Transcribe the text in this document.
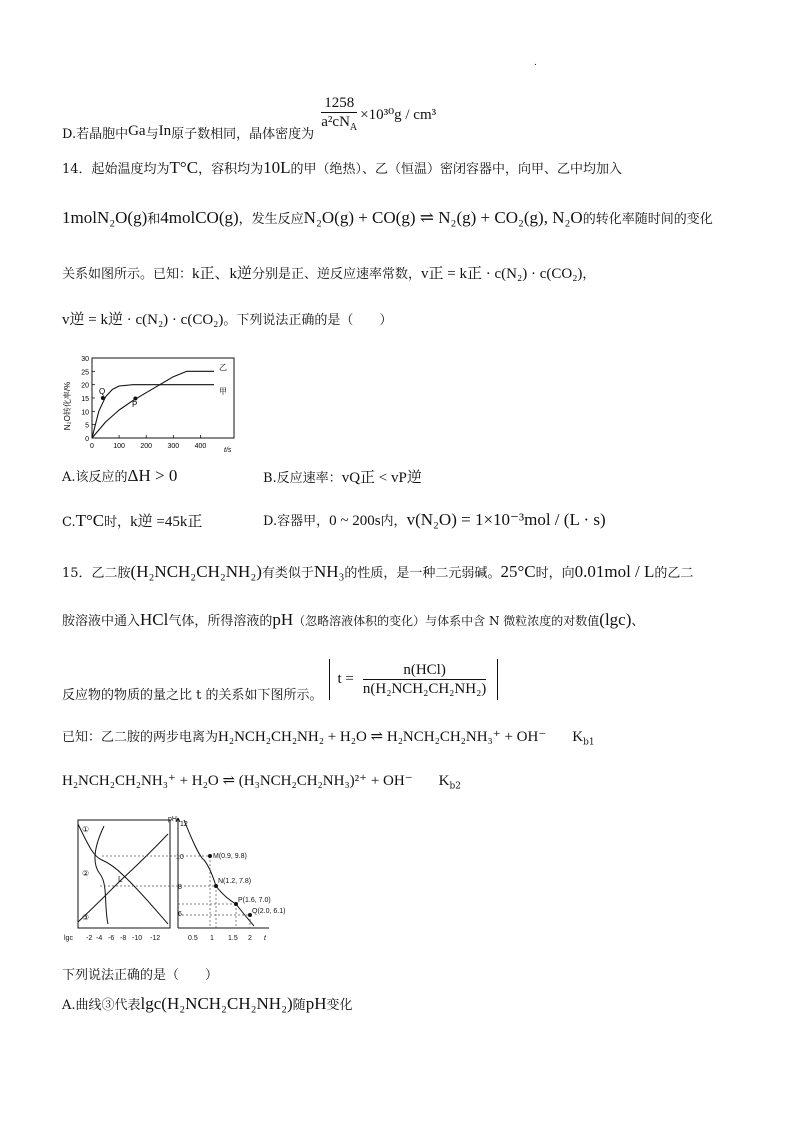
.
D.若晶胞中Ga与In原子数相同，晶体密度为 $\frac{1258}{a^2cN_A} \times 10^{30}g / cm^3$
14．起始温度均为T°C，容积均为10L的甲（绝热）、乙（恒温）密闭容器中，向甲、乙中均加入
1molN₂O(g)和4molCO(g)，发生反应N₂O(g) + CO(g) ⇌ N₂(g) + CO₂(g), N₂O的转化率随时间的变化
关系如图所示。已知：k正、k逆分别是正、逆反应速率常数，v正 = k正 · c(N₂) · c(CO₂)，
v逆 = k逆 · c(N₂) · c(CO₂)。下列说法正确的是（　　）
N₂O转化率/%
0
5
10
15
20
25
30
0	100 200 300 400
t/s
乙
甲
Q
P
A.该反应的ΔH > 0	B.反应速率：vQ正 < vP逆
C.T°C时，k逆 =45k正	D.容器甲，0 ~ 200s内，v(N₂O) = 1×10⁻³mol / (L · s)
15．乙二胺(H₂NCH₂CH₂NH₂)有类似于NH₃的性质，是一种二元弱碱。25°C时，向0.01mol / L的乙二
胺溶液中通入HCl气体，所得溶液的pH（忽略溶液体积的变化）与体系中含 N 微粒浓度的对数值(lgc)、
反应物的物质的量之比 t 的关系如下图所示。
$t = \frac{\text{n(HCl)}}{\text{n(H₂NCH₂CH₂NH₂)}}$
已知：乙二胺的两步电离为H₂NCH₂CH₂NH₂ + H₂O ⇌ H₂NCH₂CH₂NH₃⁺ + OH⁻ $K_{b1}$
H₂NCH₂CH₂NH₃⁺ + H₂O ⇌ (H₃NCH₂CH₂NH₃)²⁺ + OH⁻ $K_{b2}$
①
②
③
L
pH
12
10
8
6
M(0.9, 9.8)
N(1.2, 7.8)
P(1.6, 7.0)
Q(2.0, 6.1)
lgc -2 -4 -6 -8 -10 -12	0.5 1 1.5 2 t
下列说法正确的是（　　）
A.曲线③代表lgc(H₂NCH₂CH₂NH₂)随pH变化
